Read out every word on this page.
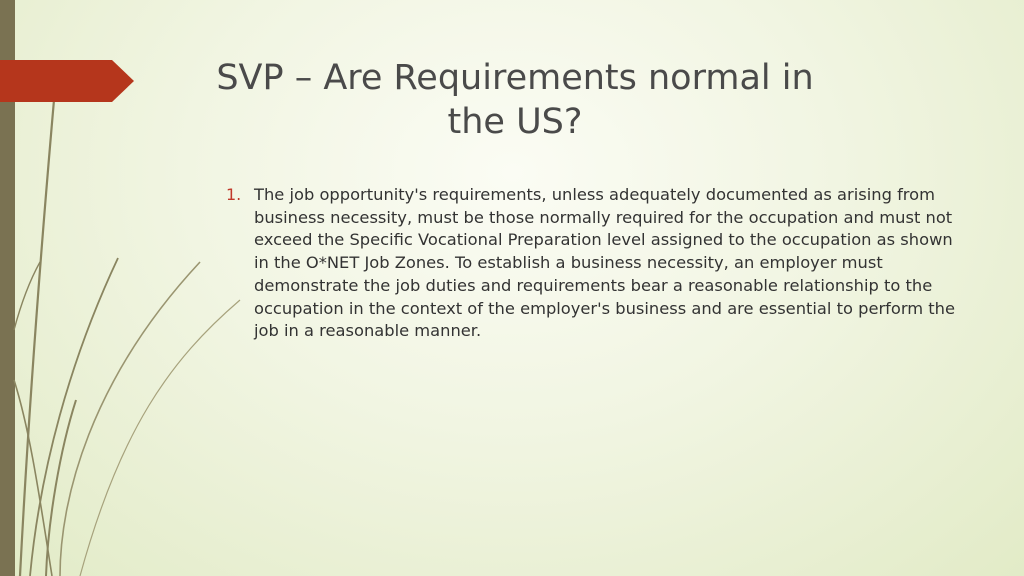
SVP – Are Requirements normal in the US?
1. The job opportunity's requirements, unless adequately documented as arising from business necessity, must be those normally required for the occupation and must not exceed the Specific Vocational Preparation level assigned to the occupation as shown in the O*NET Job Zones. To establish a business necessity, an employer must demonstrate the job duties and requirements bear a reasonable relationship to the occupation in the context of the employer's business and are essential to perform the job in a reasonable manner.
